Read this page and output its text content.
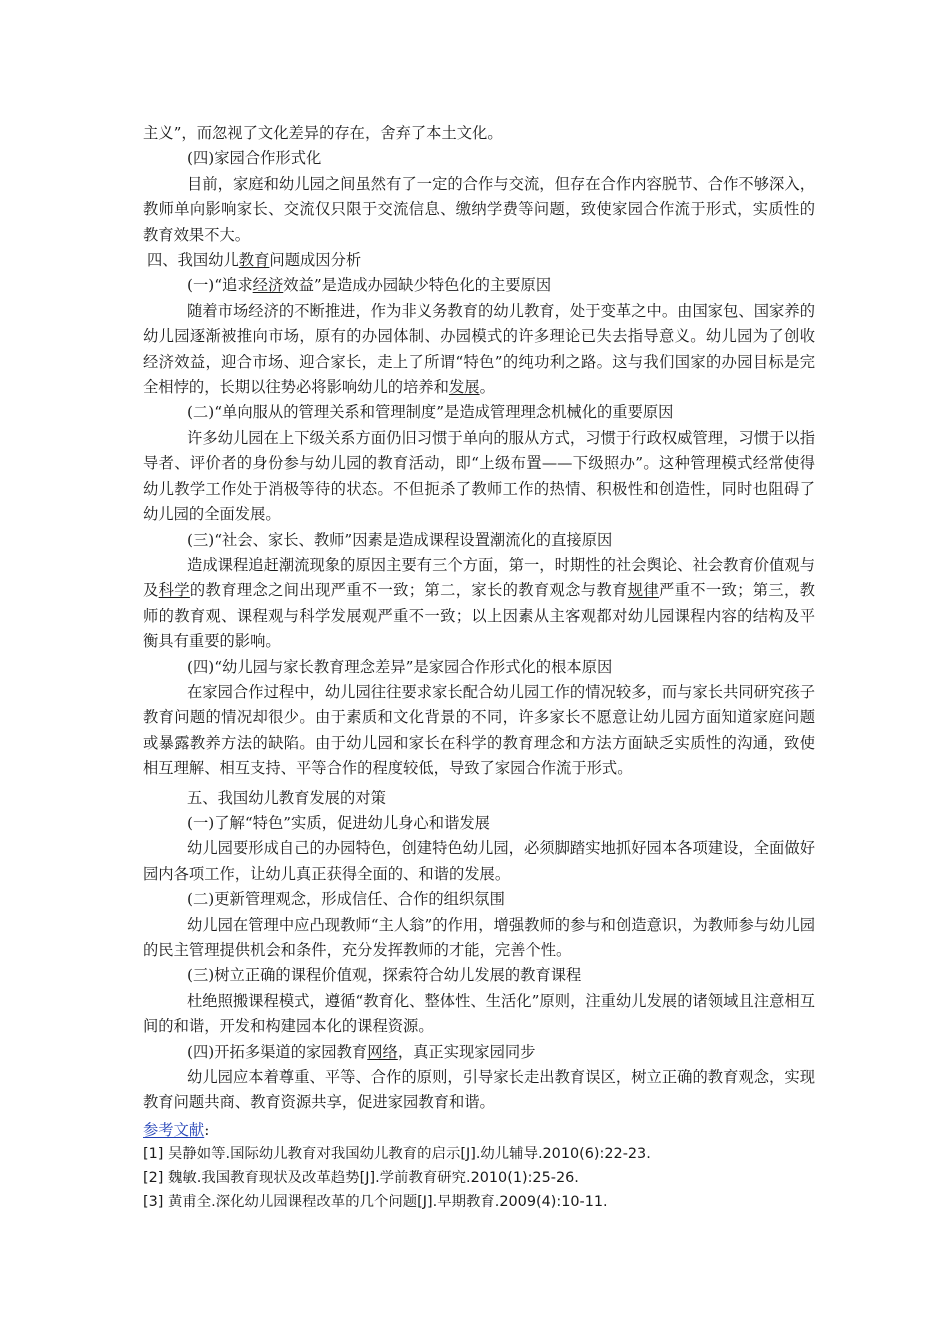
主义”，而忽视了文化差异的存在，舍弃了本土文化。

(四)家园合作形式化

目前，家庭和幼儿园之间虽然有了一定的合作与交流，但存在合作内容脱节、合作不够深入，教师单向影响家长、交流仅只限于交流信息、缴纳学费等问题，致使家园合作流于形式，实质性的教育效果不大。

四、我国幼儿教育问题成因分析

(一)“追求经济效益”是造成办园缺少特色化的主要原因

随着市场经济的不断推进，作为非义务教育的幼儿教育，处于变革之中。由国家包、国家养的幼儿园逐渐被推向市场，原有的办园体制、办园模式的许多理论已失去指导意义。幼儿园为了创收经济效益，迎合市场、迎合家长，走上了所谓“特色”的纯功利之路。这与我们国家的办园目标是完全相悖的，长期以往势必将影响幼儿的培养和发展。

(二)“单向服从的管理关系和管理制度”是造成管理理念机械化的重要原因

许多幼儿园在上下级关系方面仍旧习惯于单向的服从方式，习惯于行政权威管理，习惯于以指导者、评价者的身份参与幼儿园的教育活动，即“上级布置——下级照办”。这种管理模式经常使得幼儿教学工作处于消极等待的状态。不但扼杀了教师工作的热情、积极性和创造性，同时也阻碍了幼儿园的全面发展。

(三)“社会、家长、教师”因素是造成课程设置潮流化的直接原因

造成课程追赶潮流现象的原因主要有三个方面，第一，时期性的社会舆论、社会教育价值观与及科学的教育理念之间出现严重不一致；第二，家长的教育观念与教育规律严重不一致；第三，教师的教育观、课程观与科学发展观严重不一致；以上因素从主客观都对幼儿园课程内容的结构及平衡具有重要的影响。

(四)“幼儿园与家长教育理念差异”是家园合作形式化的根本原因

在家园合作过程中，幼儿园往往要求家长配合幼儿园工作的情况较多，而与家长共同研究孩子教育问题的情况却很少。由于素质和文化背景的不同，许多家长不愿意让幼儿园方面知道家庭问题或暴露教养方法的缺陷。由于幼儿园和家长在科学的教育理念和方法方面缺乏实质性的沟通，致使相互理解、相互支持、平等合作的程度较低，导致了家园合作流于形式。

五、我国幼儿教育发展的对策

(一)了解“特色”实质，促进幼儿身心和谐发展

幼儿园要形成自己的办园特色，创建特色幼儿园，必须脚踏实地抓好园本各项建设，全面做好园内各项工作，让幼儿真正获得全面的、和谐的发展。

(二)更新管理观念，形成信任、合作的组织氛围

幼儿园在管理中应凸现教师“主人翁”的作用，增强教师的参与和创造意识，为教师参与幼儿园的民主管理提供机会和条件，充分发挥教师的才能，完善个性。

(三)树立正确的课程价值观，探索符合幼儿发展的教育课程

杜绝照搬课程模式，遵循“教育化、整体性、生活化”原则，注重幼儿发展的诸领域且注意相互间的和谐，开发和构建园本化的课程资源。

(四)开拓多渠道的家园教育网络，真正实现家园同步

幼儿园应本着尊重、平等、合作的原则，引导家长走出教育误区，树立正确的教育观念，实现教育问题共商、教育资源共享，促进家园教育和谐。

参考文献:
[1] 吴静如等.国际幼儿教育对我国幼儿教育的启示[J].幼儿辅导.2010(6):22-23.
[2] 魏敏.我国教育现状及改革趋势[J].学前教育研究.2010(1):25-26.
[3] 黄甫全.深化幼儿园课程改革的几个问题[J].早期教育.2009(4):10-11.
